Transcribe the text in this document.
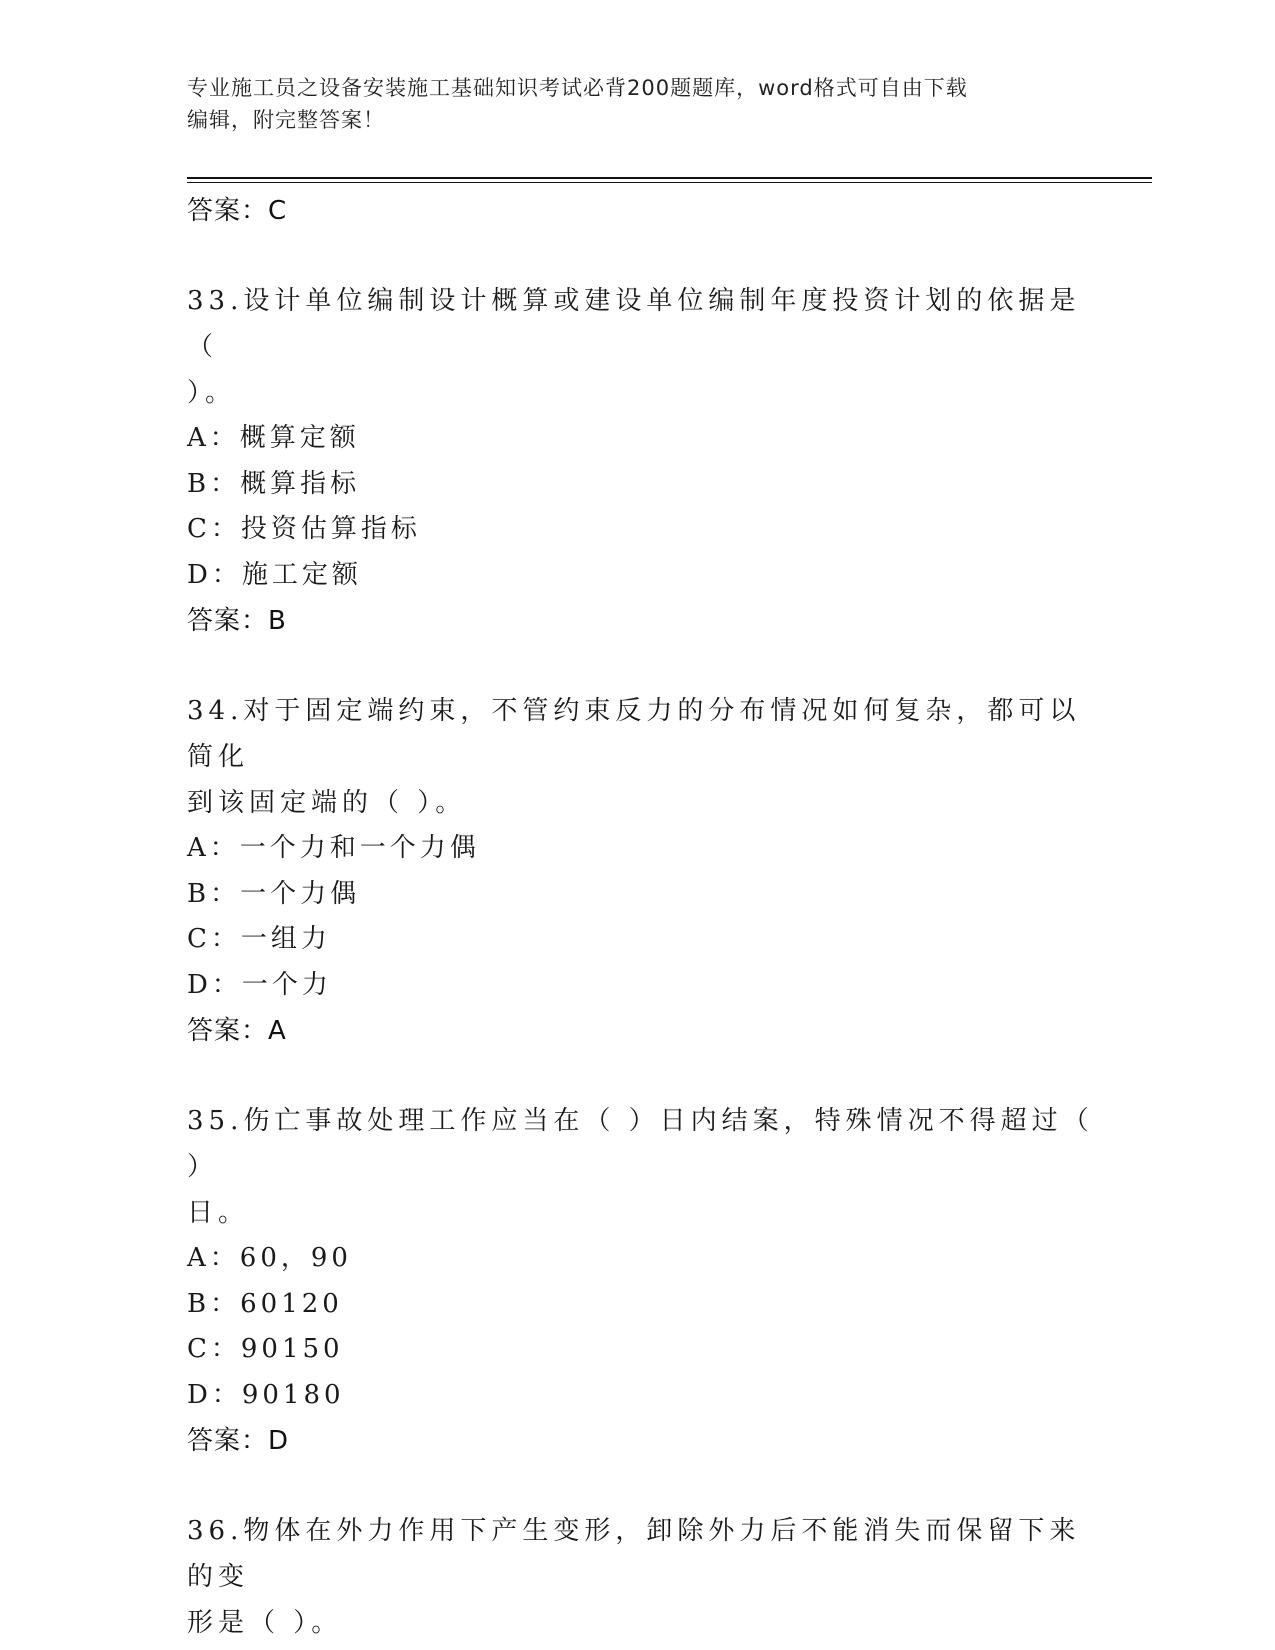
专业施工员之设备安装施工基础知识考试必背200题题库，word格式可自由下载
编辑，附完整答案！
答案：C
33.设计单位编制设计概算或建设单位编制年度投资计划的依据是（
）。
A：概算定额
B：概算指标
C：投资估算指标
D：施工定额
答案：B
34.对于固定端约束，不管约束反力的分布情况如何复杂，都可以简化
到该固定端的（ ）。
A：一个力和一个力偶
B：一个力偶
C：一组力
D：一个力
答案：A
35.伤亡事故处理工作应当在（ ）日内结案，特殊情况不得超过（ ）
日。
A：60，90
B：60120
C：90150
D：90180
答案：D
36.物体在外力作用下产生变形，卸除外力后不能消失而保留下来的变
形是（ ）。
